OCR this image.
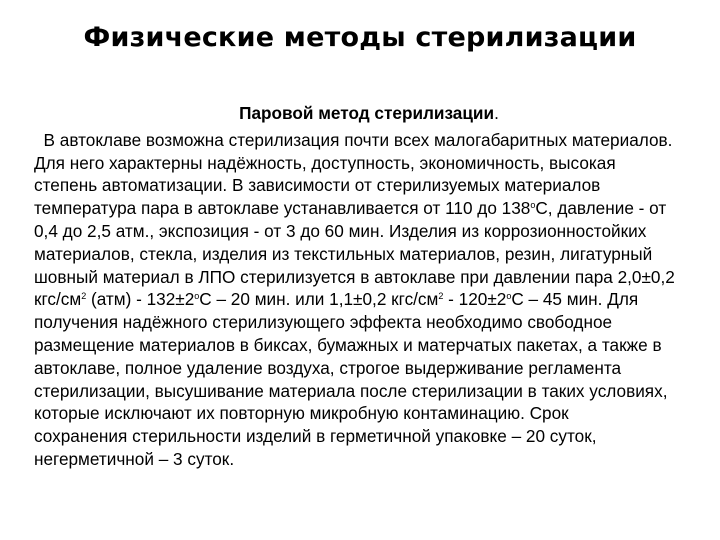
Физические методы стерилизации
Паровой метод стерилизации.
В автоклаве возможна стерилизация почти всех малогабаритных материалов.
Для него характерны надёжность, доступность, экономичность, высокая
степень автоматизации. В зависимости от стерилизуемых материалов
температура пара в автоклаве устанавливается от 110 до $138^оС$, давление - от
0,4 до 2,5 атм., экспозиция - от 3 до 60 мин. Изделия из коррозионностойких
материалов, стекла, изделия из текстильных материалов, резин, лигатурный
шовный материал в ЛПО стерилизуется в автоклаве при давлении пара 2,0±0,2
кгс/$см^2$ $(атм) - 132\pm 2^оС - 20$ мин. или 1,1±0,2 кгс/$см^2 - 120\pm 2^оС - 45$ мин. Для
получения надёжного стерилизующего эффекта необходимо свободное
размещение материалов в биксах, бумажных и матерчатых пакетах, а также в
автоклаве, полное удаление воздуха, строгое выдерживание регламента
стерилизации, высушивание материала после стерилизации в таких условиях,
которые исключают их повторную микробную контаминацию. Срок
сохранения стерильности изделий в герметичной упаковке – 20 суток,
негерметичной – 3 суток.
